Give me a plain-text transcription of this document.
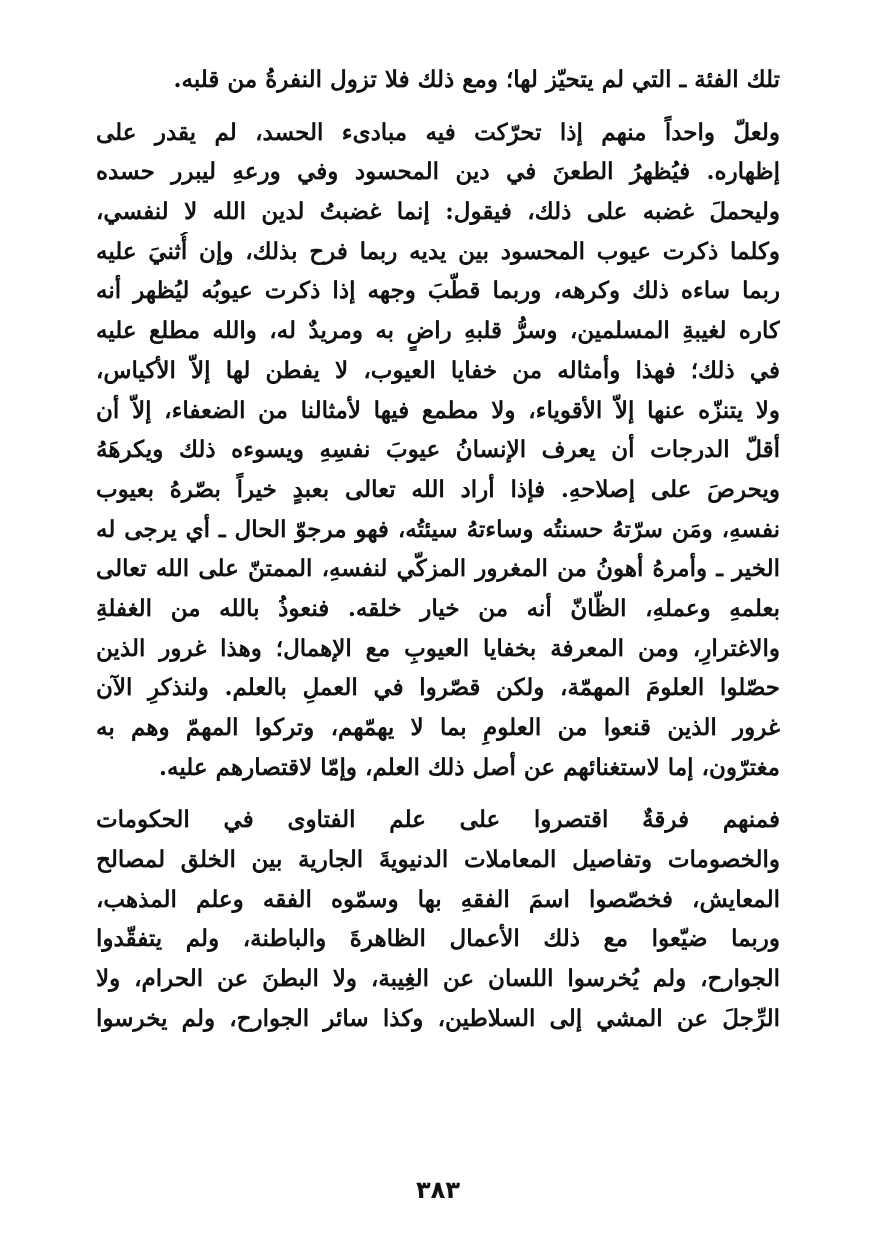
تلك الفئة ـ التي لم يتحيّز لها؛ ومع ذلك فلا تزول النفرةُ من قلبه.
ولعلّ واحداً منهم إذا تحرّكت فيه مبادىء الحسد، لم يقدر على
إظهاره. فيُظهرُ الطعنَ في دين المحسود وفي ورعهِ ليبرر حسده
وليحملَ غضبه على ذلك، فيقول: إنما غضبتُ لدين الله لا لنفسي،
وكلما ذكرت عيوب المحسود بين يديه ربما فرح بذلك، وإن أُثنيَ عليه
ربما ساءه ذلك وكرهه، وربما قطّبَ وجهه إذا ذكرت عيوبُه ليُظهر أنه
كاره لغيبةِ المسلمين، وسرُّ قلبهِ راضٍ به ومريدٌ له، والله مطلع عليه
في ذلك؛ فهذا وأمثاله من خفايا العيوب، لا يفطن لها إلاّ الأكياس،
ولا يتنزّه عنها إلاّ الأقوياء، ولا مطمع فيها لأمثالنا من الضعفاء، إلاّ أن
أقلّ الدرجات أن يعرف الإنسانُ عيوبَ نفسِهِ ويسوءه ذلك ويكرهَهُ
ويحرصَ على إصلاحهِ. فإذا أراد الله تعالى بعبدٍ خيراً بصّرهُ بعيوب
نفسهِ، ومَن سرّتهُ حسنتُه وساءتهُ سيئتُه، فهو مرجوّ الحال ـ أي يرجى له
الخير ـ وأمرهُ أهونُ من المغرور المزكّي لنفسهِ، الممتنّ على الله تعالى
بعلمهِ وعملهِ، الظّانّ أنه من خيار خلقه. فنعوذُ بالله من الغفلةِ
والاغترارِ، ومن المعرفة بخفايا العيوبِ مع الإهمال؛ وهذا غرور الذين
حصّلوا العلومَ المهمّة، ولكن قصّروا في العملِ بالعلم. ولنذكرِ الآن
غرور الذين قنعوا من العلومِ بما لا يهمّهم، وتركوا المهمّ وهم به
مغترّون، إما لاستغنائهم عن أصل ذلك العلم، وإمّا لاقتصارهم عليه.
فمنهم فرقةٌ اقتصروا على علم الفتاوى في الحكومات
والخصومات وتفاصيل المعاملات الدنيويةَ الجارية بين الخلق لمصالح
المعايش، فخصّصوا اسمَ الفقهِ بها وسمّوه الفقه وعلم المذهب،
وربما ضيّعوا مع ذلك الأعمال الظاهرةَ والباطنة، ولم يتفقّدوا
الجوارح، ولم يُخرسوا اللسان عن الغِيبة، ولا البطنَ عن الحرام، ولا
الرِّجلَ عن المشي إلى السلاطين، وكذا سائر الجوارح، ولم يخرسوا
٣٨٣
